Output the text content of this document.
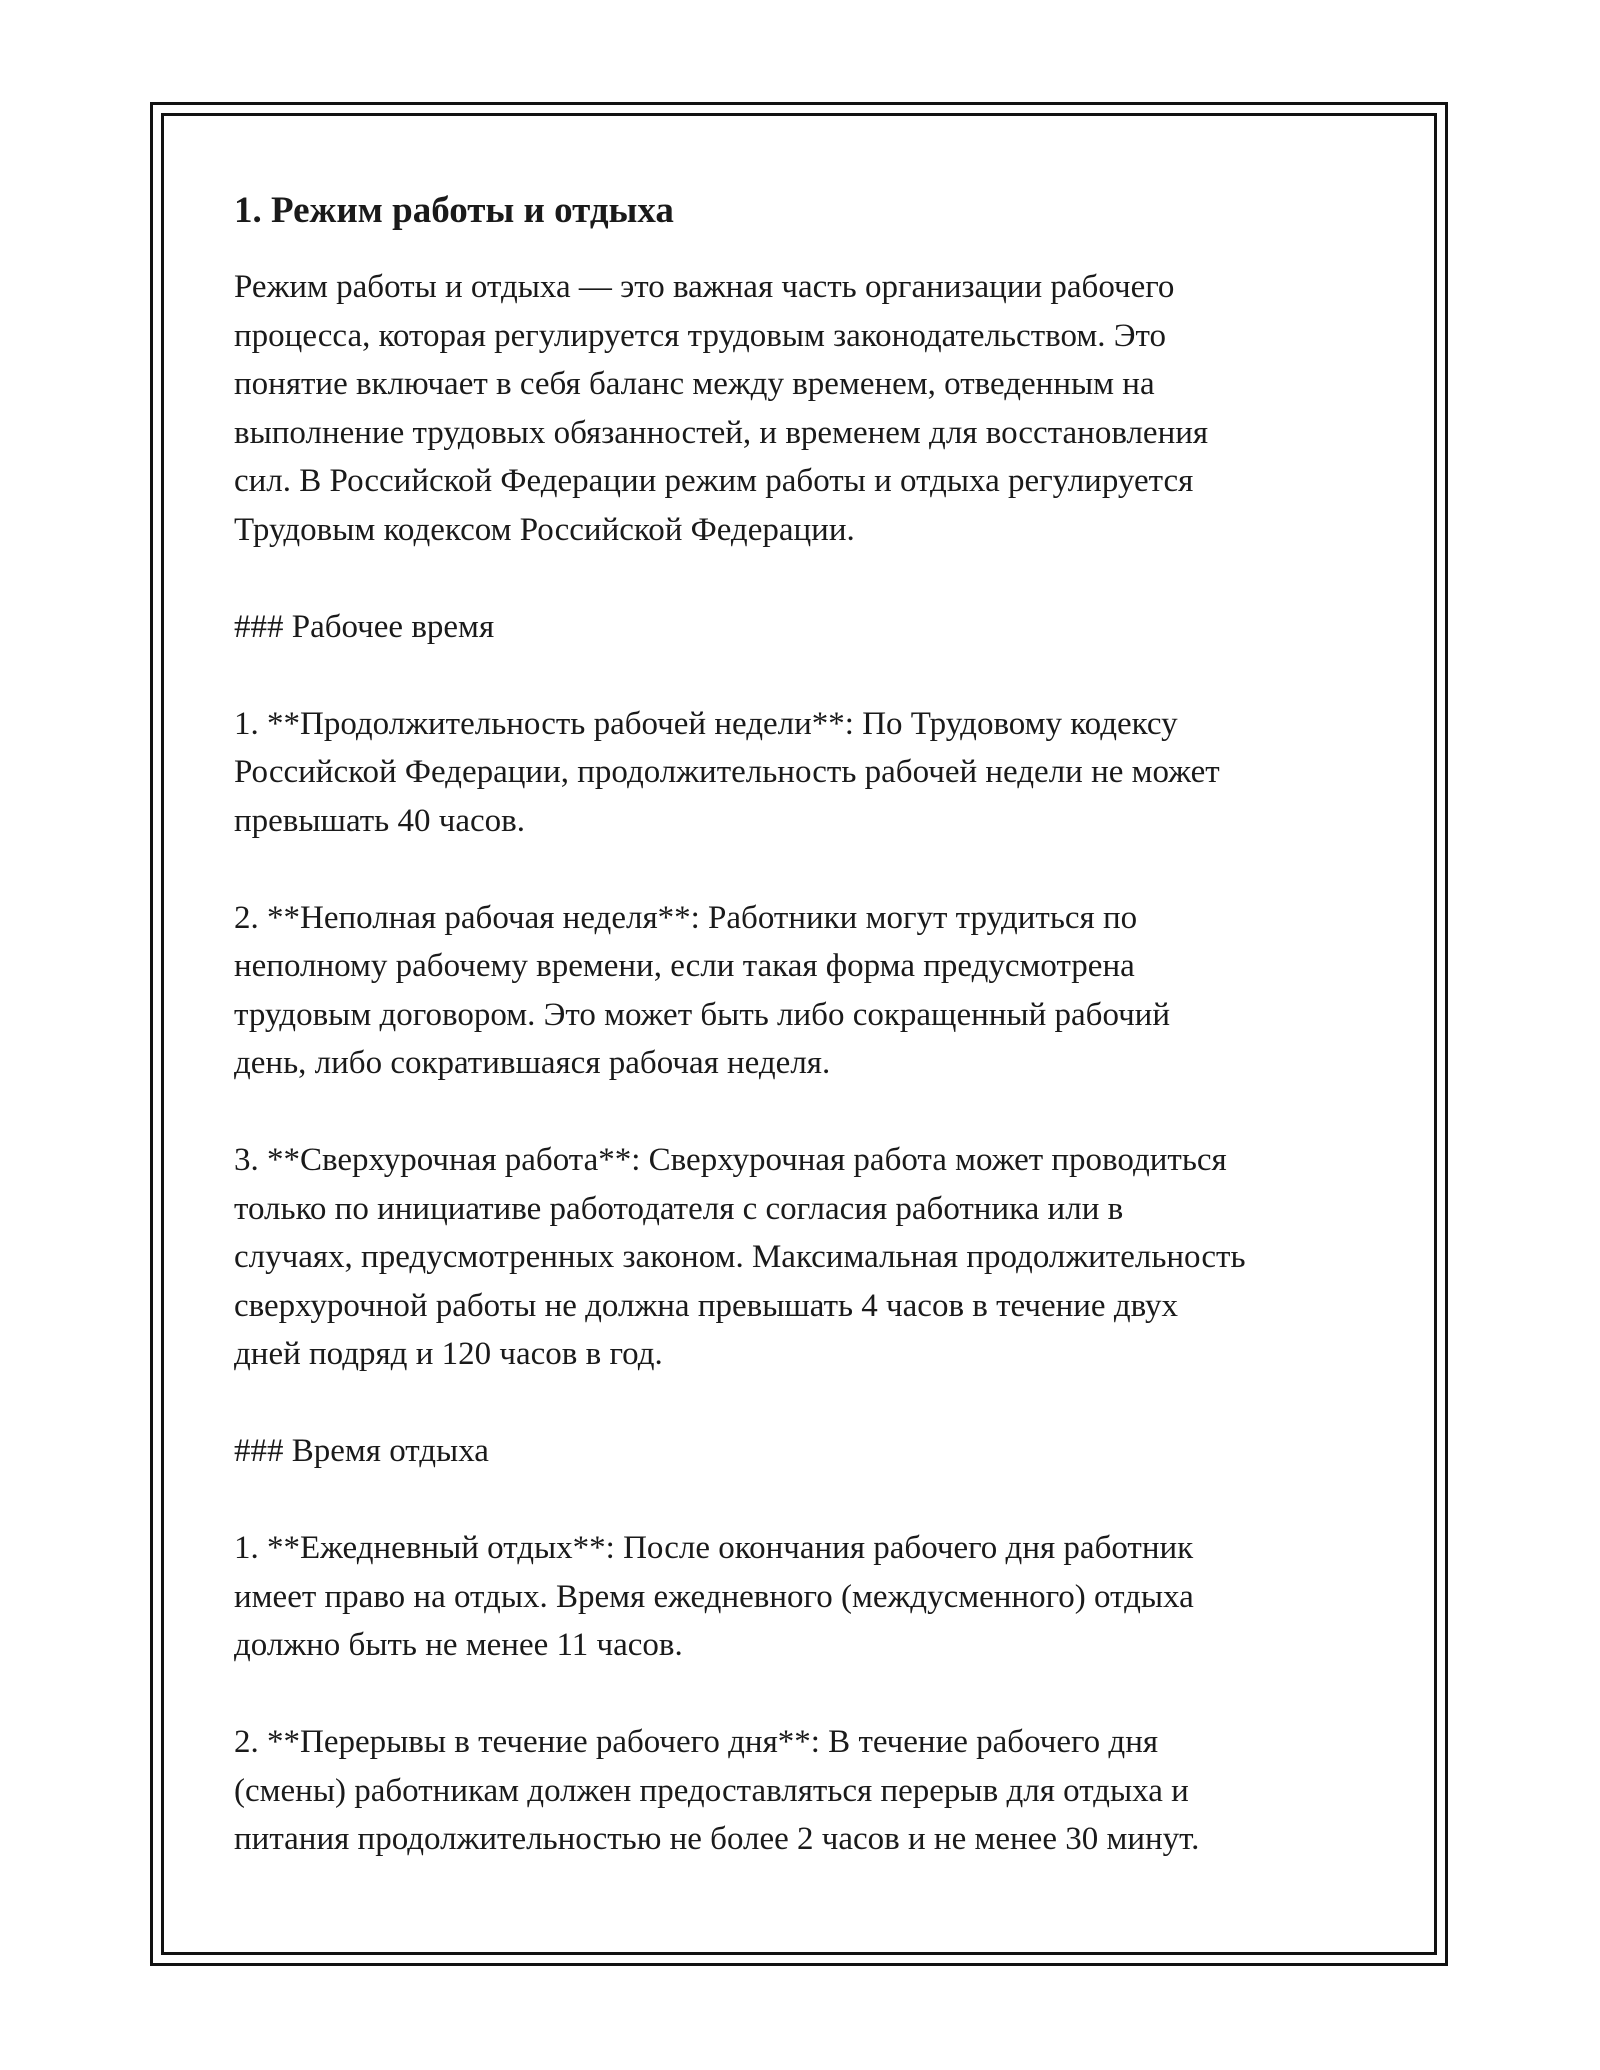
1. Режим работы и отдыха

Режим работы и отдыха — это важная часть организации рабочего
процесса, которая регулируется трудовым законодательством. Это
понятие включает в себя баланс между временем, отведенным на
выполнение трудовых обязанностей, и временем для восстановления
сил. В Российской Федерации режим работы и отдыха регулируется
Трудовым кодексом Российской Федерации.

### Рабочее время

1. **Продолжительность рабочей недели**: По Трудовому кодексу
Российской Федерации, продолжительность рабочей недели не может
превышать 40 часов.

2. **Неполная рабочая неделя**: Работники могут трудиться по
неполному рабочему времени, если такая форма предусмотрена
трудовым договором. Это может быть либо сокращенный рабочий
день, либо сократившаяся рабочая неделя.

3. **Сверхурочная работа**: Сверхурочная работа может проводиться
только по инициативе работодателя с согласия работника или в
случаях, предусмотренных законом. Максимальная продолжительность
сверхурочной работы не должна превышать 4 часов в течение двух
дней подряд и 120 часов в год.

### Время отдыха

1. **Ежедневный отдых**: После окончания рабочего дня работник
имеет право на отдых. Время ежедневного (междусменного) отдыха
должно быть не менее 11 часов.

2. **Перерывы в течение рабочего дня**: В течение рабочего дня
(смены) работникам должен предоставляться перерыв для отдыха и
питания продолжительностью не более 2 часов и не менее 30 минут.
